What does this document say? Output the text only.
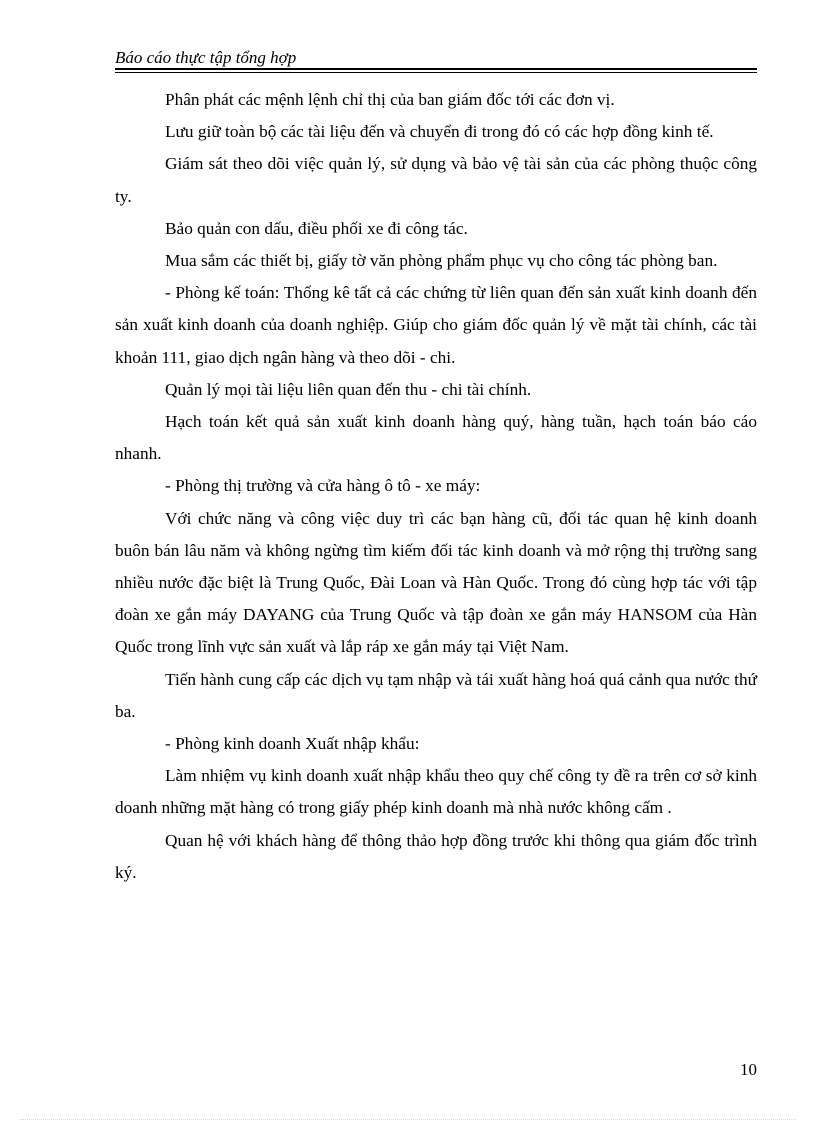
Báo cáo thực tập tổng hợp

Phân phát các mệnh lệnh chỉ thị của ban giám đốc tới các đơn vị.

Lưu giữ toàn bộ các tài liệu đến và chuyển đi trong đó có các hợp đồng kinh tế.

Giám sát theo dõi việc quản lý, sử dụng và bảo vệ tài sản của các phòng thuộc công ty.

Bảo quản con dấu, điều phối xe đi công tác.

Mua sắm các thiết bị, giấy tờ văn phòng phẩm phục vụ cho công tác phòng ban.

- Phòng kế toán: Thống kê tất cả các chứng từ liên quan đến sản xuất kinh doanh đến sản xuất kinh doanh của doanh nghiệp. Giúp cho giám đốc quản lý về mặt tài chính, các tài khoản 111, giao dịch ngân hàng và theo dõi - chi.

Quản lý mọi tài liệu liên quan đến thu - chi tài chính.

Hạch toán kết quả sản xuất kinh doanh hàng quý, hàng tuần, hạch toán báo cáo nhanh.

- Phòng thị trường và cửa hàng ô tô - xe máy:

Với chức năng và công việc duy trì các bạn hàng cũ, đối tác quan hệ kinh doanh buôn bán lâu năm và không ngừng tìm kiếm đối tác kinh doanh và mở rộng thị trường sang nhiều nước đặc biệt là Trung Quốc, Đài Loan và Hàn Quốc. Trong đó cùng hợp tác với tập đoàn xe gắn máy DAYANG của Trung Quốc và tập đoàn xe gắn máy HANSOM của Hàn Quốc trong lĩnh vực sản xuất và lắp ráp xe gắn máy tại Việt Nam.

Tiến hành cung cấp các dịch vụ tạm nhập và tái xuất hàng hoá quá cảnh qua nước thứ ba.

- Phòng kinh doanh Xuất nhập khẩu:

Làm nhiệm vụ kinh doanh xuất nhập khẩu theo quy chế công ty đề ra trên cơ sở kinh doanh những mặt hàng có trong giấy phép kinh doanh mà nhà nước không cấm .

Quan hệ với khách hàng để thông thảo hợp đồng trước khi thông qua giám đốc trình ký.

10
